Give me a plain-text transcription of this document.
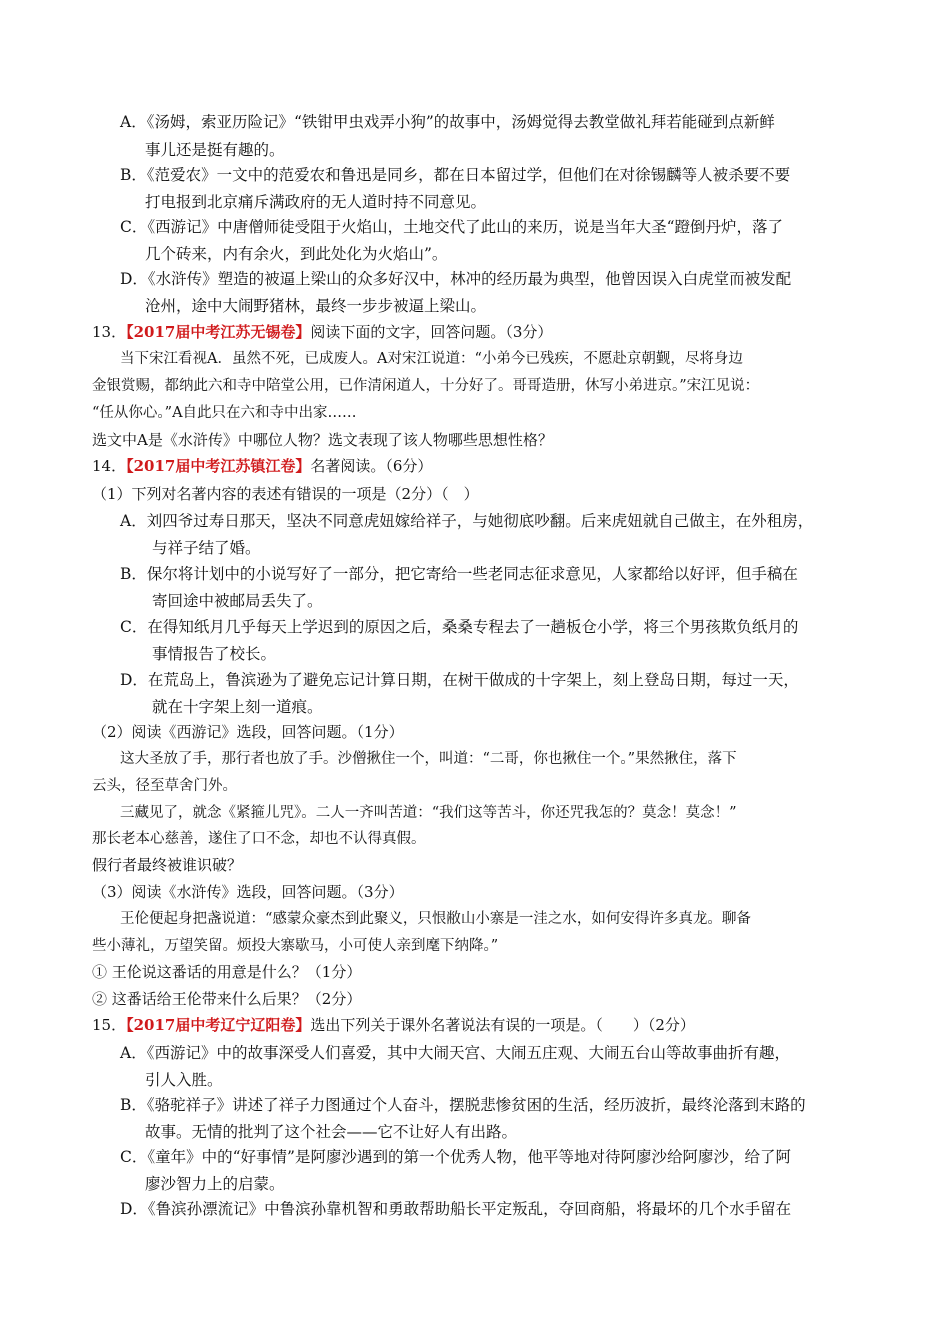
A．《汤姆，索亚历险记》“铁钳甲虫戏弄小狗”的故事中，汤姆觉得去教堂做礼拜若能碰到点新鲜
事儿还是挺有趣的。
B．《范爱农》一文中的范爱农和鲁迅是同乡，都在日本留过学，但他们在对徐锡麟等人被杀要不要
打电报到北京痛斥满政府的无人道时持不同意见。
C．《西游记》中唐僧师徒受阻于火焰山，土地交代了此山的来历，说是当年大圣“蹬倒丹炉，落了
几个砖来，内有余火，到此处化为火焰山”。
D．《水浒传》塑造的被逼上梁山的众多好汉中，林冲的经历最为典型，他曾因误入白虎堂而被发配
沧州，途中大闹野猪林，最终一步步被逼上梁山。
13．【2017届中考江苏无锡卷】阅读下面的文字，回答问题。（3分）
当下宋江看视A．虽然不死，已成废人。A对宋江说道：“小弟今已残疾，不愿赴京朝觐，尽将身边
金银赏赐，都纳此六和寺中陪堂公用，已作清闲道人，十分好了。哥哥造册，休写小弟进京。”宋江见说：
“任从你心。”A自此只在六和寺中出家……
选文中A是《水浒传》中哪位人物？选文表现了该人物哪些思想性格？
14．【2017届中考江苏镇江卷】名著阅读。（6分）
（1）下列对名著内容的表述有错误的一项是（2分）（　）
A．刘四爷过寿日那天，坚决不同意虎妞嫁给祥子，与她彻底吵翻。后来虎妞就自己做主，在外租房，
与祥子结了婚。
B．保尔将计划中的小说写好了一部分，把它寄给一些老同志征求意见，人家都给以好评，但手稿在
寄回途中被邮局丢失了。
C．在得知纸月几乎每天上学迟到的原因之后，桑桑专程去了一趟板仓小学，将三个男孩欺负纸月的
事情报告了校长。
D．在荒岛上，鲁滨逊为了避免忘记计算日期，在树干做成的十字架上，刻上登岛日期，每过一天，
就在十字架上刻一道痕。
（2）阅读《西游记》选段，回答问题。（1分）
这大圣放了手，那行者也放了手。沙僧揪住一个，叫道：“二哥，你也揪住一个。”果然揪住，落下
云头，径至草舍门外。
三藏见了，就念《紧箍儿咒》。二人一齐叫苦道：“我们这等苦斗，你还咒我怎的？莫念！莫念！”
那长老本心慈善，遂住了口不念，却也不认得真假。
假行者最终被谁识破？
（3）阅读《水浒传》选段，回答问题。（3分）
王伦便起身把盏说道：“感蒙众豪杰到此聚义，只恨敝山小寨是一洼之水，如何安得许多真龙。聊备
些小薄礼，万望笑留。烦投大寨歇马，小可使人亲到麾下纳降。”
① 王伦说这番话的用意是什么？（1分）
② 这番话给王伦带来什么后果？（2分）
15．【2017届中考辽宁辽阳卷】选出下列关于课外名著说法有误的一项是。（　　）（2分）
A．《西游记》中的故事深受人们喜爱，其中大闹天宫、大闹五庄观、大闹五台山等故事曲折有趣，
引人入胜。
B．《骆驼祥子》讲述了祥子力图通过个人奋斗，摆脱悲惨贫困的生活，经历波折，最终沦落到末路的
故事。无情的批判了这个社会——它不让好人有出路。
C．《童年》中的“好事情”是阿廖沙遇到的第一个优秀人物，他平等地对待阿廖沙给阿廖沙，给了阿
廖沙智力上的启蒙。
D．《鲁滨孙漂流记》中鲁滨孙靠机智和勇敢帮助船长平定叛乱，夺回商船，将最坏的几个水手留在
